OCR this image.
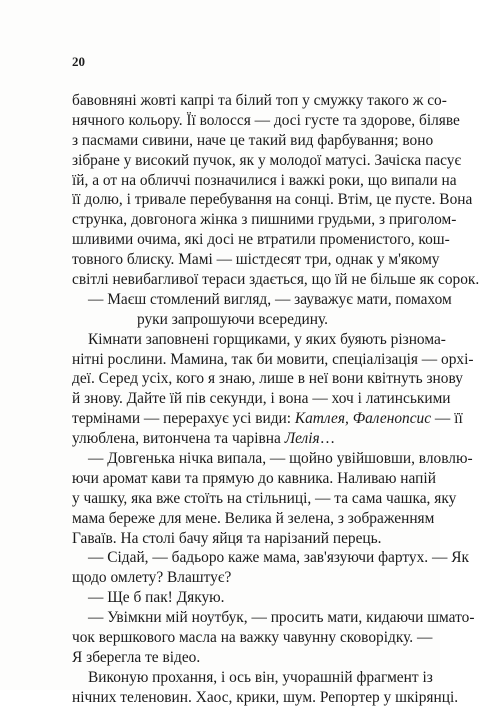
20
бавовняні жовті капрі та білий топ у смужку такого ж со-
нячного кольору. Її волосся — досі густе та здорове, біляве
з пасмами сивини, наче це такий вид фарбування; воно
зібране у високий пучок, як у молодої матусі. Зачіска пасує
їй, а от на обличчі позначилися і важкі роки, що випали на
її долю, і тривале перебування на сонці. Втім, це пусте. Вона
струнка, довгонога жінка з пишними грудьми, з приголом-
шливими очима, які досі не втратили променистого, кош-
товного блиску. Мамі — шістдесят три, однак у м'якому
світлі невибагливої тераси здається, що їй не більше як сорок.
— Маєш стомлений вигляд, — зауважує мати, помахом
руки запрошуючи всередину.
Кімнати заповнені горщиками, у яких буяють різнома-
нітні рослини. Мамина, так би мовити, спеціалізація — орхі-
деї. Серед усіх, кого я знаю, лише в неї вони квітнуть знову
й знову. Дайте їй пів секунди, і вона — хоч і латинськими
термінами — перерахує усі види: Катлея, Фаленопсис — її
улюблена, витончена та чарівна Лелія…
— Довгенька нічка випала, — щойно увійшовши, вловлю-
ючи аромат кави та прямую до кавника. Наливаю напій
у чашку, яка вже стоїть на стільниці, — та сама чашка, яку
мама береже для мене. Велика й зелена, з зображенням
Гаваїв. На столі бачу яйця та нарізаний перець.
— Сідай, — бадьоро каже мама, зав'язуючи фартух. — Як
щодо омлету? Влаштує?
— Ще б пак! Дякую.
— Увімкни мій ноутбук, — просить мати, кидаючи шмато-
чок вершкового масла на важку чавунну сковорідку. —
Я зберегла те відео.
Виконую прохання, і ось він, учорашній фрагмент із
нічних теленовин. Хаос, крики, шум. Репортер у шкірянці.
